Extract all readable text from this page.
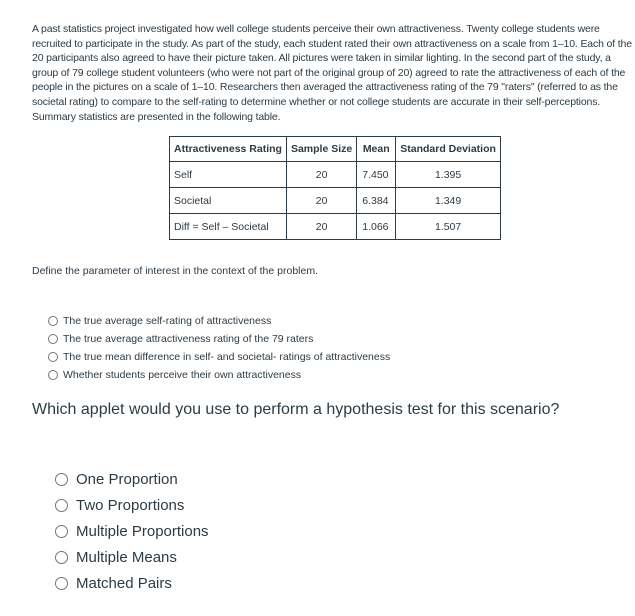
A past statistics project investigated how well college students perceive their own attractiveness. Twenty college students were recruited to participate in the study. As part of the study, each student rated their own attractiveness on a scale from 1–10. Each of the 20 participants also agreed to have their picture taken. All pictures were taken in similar lighting. In the second part of the study, a group of 79 college student volunteers (who were not part of the original group of 20) agreed to rate the attractiveness of each of the people in the pictures on a scale of 1–10. Researchers then averaged the attractiveness rating of the 79 "raters" (referred to as the societal rating) to compare to the self-rating to determine whether or not college students are accurate in their self-perceptions. Summary statistics are presented in the following table.

Attractiveness Rating	Sample Size	Mean	Standard Deviation
Self	20	7.450	1.395
Societal	20	6.384	1.349
Diff = Self – Societal	20	1.066	1.507

Define the parameter of interest in the context of the problem.

The true average self-rating of attractiveness
The true average attractiveness rating of the 79 raters
The true mean difference in self- and societal- ratings of attractiveness
Whether students perceive their own attractiveness

Which applet would you use to perform a hypothesis test for this scenario?

One Proportion
Two Proportions
Multiple Proportions
Multiple Means
Matched Pairs
